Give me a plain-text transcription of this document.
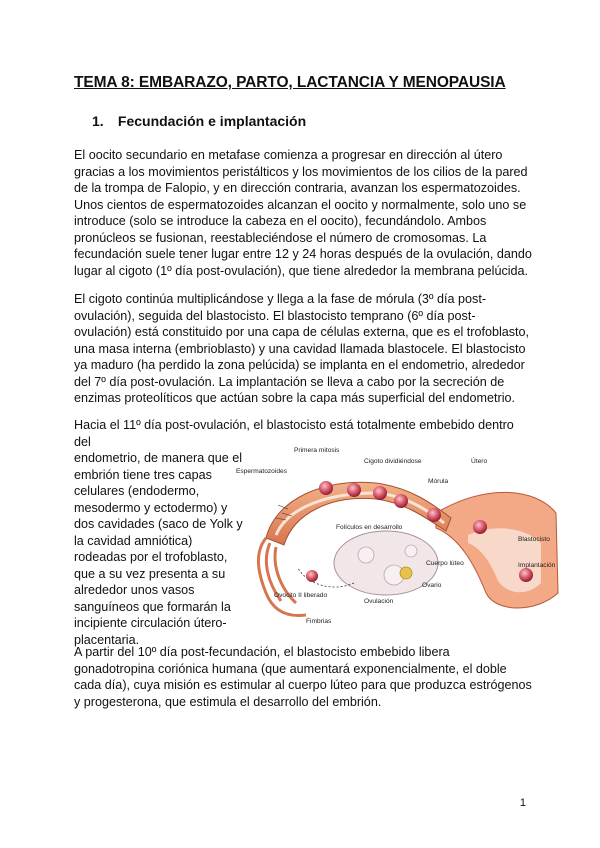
TEMA 8: EMBARAZO, PARTO, LACTANCIA Y MENOPAUSIA
1. Fecundación e implantación

El oocito secundario en metafase comienza a progresar en dirección al útero gracias a los movimientos peristálticos y los movimientos de los cilios de la pared de la trompa de Falopio, y en dirección contraria, avanzan los espermatozoides. Unos cientos de espermatozoides alcanzan el oocito y normalmente, solo uno se introduce (solo se introduce la cabeza en el oocito), fecundándolo. Ambos pronúcleos se fusionan, reestableciéndose el número de cromosomas. La fecundación suele tener lugar entre 12 y 24 horas después de la ovulación, dando lugar al cigoto (1º día post-ovulación), que tiene alrededor la membrana pelúcida.

El cigoto continúa multiplicándose y llega a la fase de mórula (3º día post-ovulación), seguida del blastocisto. El blastocisto temprano (6º día post-ovulación) está constituido por una capa de células externa, que es el trofoblasto, una masa interna (embrioblasto) y una cavidad llamada blastocele. El blastocisto ya maduro (ha perdido la zona pelúcida) se implanta en el endometrio, alrededor del 7º día post-ovulación. La implantación se lleva a cabo por la secreción de enzimas proteolíticos que actúan sobre la capa más superficial del endometrio.

Hacia el 11º día post-ovulación, el blastocisto está totalmente embebido dentro del
endometrio, de manera que el embrión tiene tres capas celulares (endodermo, mesodermo y ectodermo) y dos cavidades (saco de Yolk y la cavidad amniótica) rodeadas por el trofoblasto, que a su vez presenta a su alrededor unos vasos sanguíneos que formarán la incipiente circulación útero-placentaria.
Primera mitosis
Cigoto dividiéndose	Útero
Espermatozoides
Mórula
Folículos en desarrollo
Blastocisto
Cuerpo lúteo	Implantación
Ovario
Ovocito II liberado
Ovulación
Fimbrias

A partir del 10º día post-fecundación, el blastocisto embebido libera gonadotropina coriónica humana (que aumentará exponencialmente, el doble cada día), cuya misión es estimular al cuerpo lúteo para que produzca estrógenos y progesterona, que estimula el desarrollo del embrión.

1
